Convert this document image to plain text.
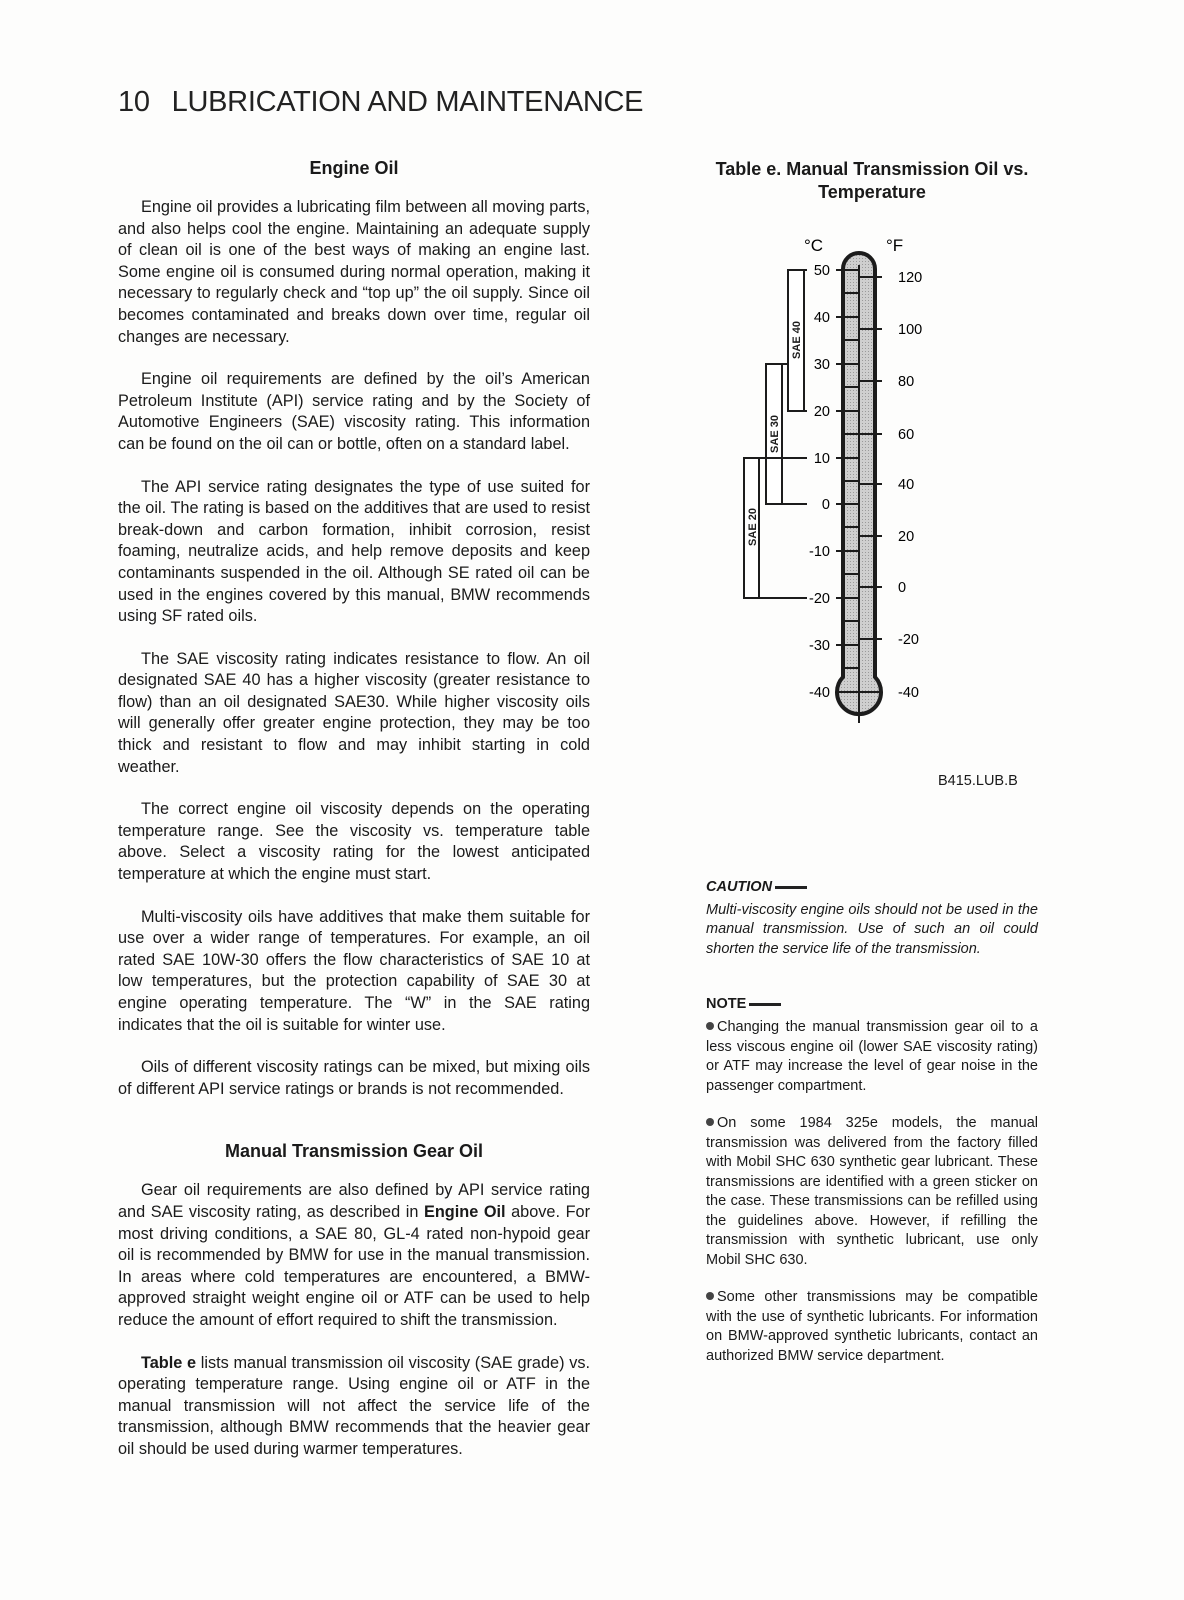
10 LUBRICATION AND MAINTENANCE
Engine Oil

Engine oil provides a lubricating film between all moving parts, and also helps cool the engine. Maintaining an adequate supply of clean oil is one of the best ways of making an engine last. Some engine oil is consumed during normal operation, making it necessary to regularly check and “top up” the oil supply. Since oil becomes contaminated and breaks down over time, regular oil changes are necessary.

Engine oil requirements are defined by the oil’s American Petroleum Institute (API) service rating and by the Society of Automotive Engineers (SAE) viscosity rating. This information can be found on the oil can or bottle, often on a standard label.

The API service rating designates the type of use suited for the oil. The rating is based on the additives that are used to resist break-down and carbon formation, inhibit corrosion, resist foaming, neutralize acids, and help remove deposits and keep contaminants suspended in the oil. Although SE rated oil can be used in the engines covered by this manual, BMW recommends using SF rated oils.

The SAE viscosity rating indicates resistance to flow. An oil designated SAE 40 has a higher viscosity (greater resistance to flow) than an oil designated SAE30. While higher viscosity oils will generally offer greater engine protection, they may be too thick and resistant to flow and may inhibit starting in cold weather.

The correct engine oil viscosity depends on the operating temperature range. See the viscosity vs. temperature table above. Select a viscosity rating for the lowest anticipated temperature at which the engine must start.

Multi-viscosity oils have additives that make them suitable for use over a wider range of temperatures. For example, an oil rated SAE 10W-30 offers the flow characteristics of SAE 10 at low temperatures, but the protection capability of SAE 30 at engine operating temperature. The “W” in the SAE rating indicates that the oil is suitable for winter use.

Oils of different viscosity ratings can be mixed, but mixing oils of different API service ratings or brands is not recommended.

Manual Transmission Gear Oil

Gear oil requirements are also defined by API service rating and SAE viscosity rating, as described in Engine Oil above. For most driving conditions, a SAE 80, GL-4 rated non-hypoid gear oil is recommended by BMW for use in the manual transmission. In areas where cold temperatures are encountered, a BMW-approved straight weight engine oil or ATF can be used to help reduce the amount of effort required to shift the transmission.

Table e lists manual transmission oil viscosity (SAE grade) vs. operating temperature range. Using engine oil or ATF in the manual transmission will not affect the service life of the transmission, although BMW recommends that the heavier gear oil should be used during warmer temperatures.

Table e. Manual Transmission Oil vs. Temperature
°C	°F
50
40
30
20
10
0
-10
-20
-30
-40
120
100
80
60
40
20
0
-20
-40
SAE 40
SAE 30
SAE 20
B415.LUB.B
CAUTION
Multi-viscosity engine oils should not be used in the manual transmission. Use of such an oil could shorten the service life of the transmission.
NOTE
Changing the manual transmission gear oil to a less viscous engine oil (lower SAE viscosity rating) or ATF may increase the level of gear noise in the passenger compartment.
On some 1984 325e models, the manual transmission was delivered from the factory filled with Mobil SHC 630 synthetic gear lubricant. These transmissions are identified with a green sticker on the case. These transmissions can be refilled using the guidelines above. However, if refilling the transmission with synthetic lubricant, use only Mobil SHC 630.
Some other transmissions may be compatible with the use of synthetic lubricants. For information on BMW-approved synthetic lubricants, contact an authorized BMW service department.
